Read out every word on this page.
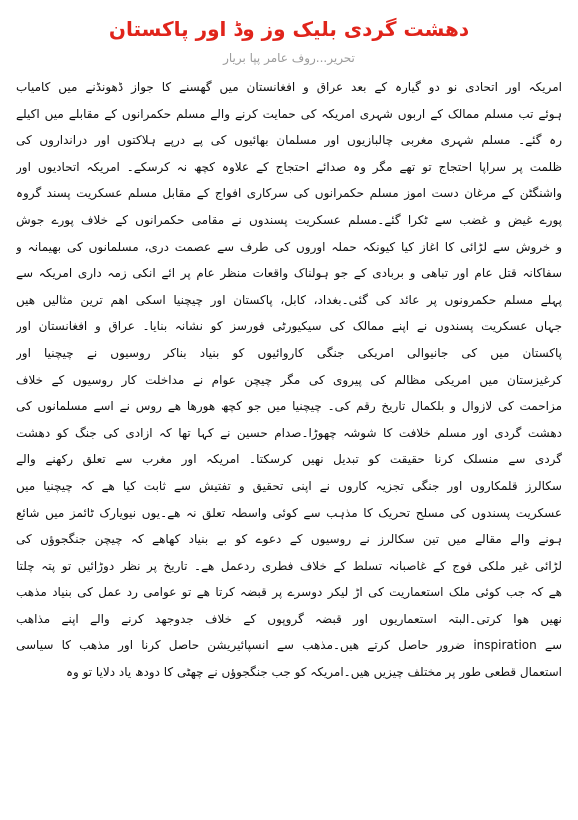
دھشت گردی بلیک وز وڈ اور پاکستان
تحریر...روف عامر پپا بریار
امریکہ اور اتحادی نو دو گیارہ کے بعد عراق و افغانستان میں گھسنے کا جواز ڈھونڈنے میں کامیاب
ہوئے تب مسلم ممالک کے اربوں شہری امریکہ کی حمایت کرنے والے مسلم حکمرانوں کے مقابلے میں اکیلے
رہ گئے۔ مسلم شہری مغربی چالبازیوں اور مسلمان بھائیوں کی پے درپے ہلاکتوں اور درانداروں کی
ظلمت پر سراپا احتجاج تو تھے مگر وہ صدائے احتجاج کے علاوہ کچھ نہ کرسکے۔ امریکہ اتحادیوں اور
واشنگٹن کے مرغان دست اموز مسلم حکمرانوں کی سرکاری افواج کے مقابل مسلم عسکریت پسند گروہ
پورے غیض و غضب سے ٹکرا گئے۔مسلم عسکریت پسندوں نے مقامی حکمرانوں کے خلاف پورے جوش
و خروش سے لڑائی کا اغاز کیا کیونکہ حملہ اوروں کی طرف سے عصمت دری، مسلمانوں کی بھیمانہ و
سفاکانہ قتل عام اور تباھی و بربادی کے جو ہولناک واقعات منظر عام پر ائے انکی زمہ داری امریکہ سے
پہلے مسلم حکمرونوں پر عائد کی گئی۔بغداد، کابل، پاکستان اور چیچنیا اسکی اھم ترین مثالیں ھیں
جہاں عسکریت پسندوں نے اپنے ممالک کی سیکیورٹی فورسز کو نشانہ بنایا۔ عراق و افغانستان اور
پاکستان میں کی جانیوالی امریکی جنگی کاروائیوں کو بنیاد بناکر روسیوں نے چیچنیا اور
کرغیزستان میں امریکی مظالم کی پیروی کی مگر چیچن عوام نے مداخلت کار روسیوں کے خلاف
مزاحمت کی لازوال و بلکمال تاریخ رقم کی۔ چیچنیا میں جو کچھ ھورھا ھے روس نے اسے مسلمانوں کی
دھشت گردی اور مسلم خلافت کا شوشہ چھوڑا۔صدام حسین نے کہا تھا کہ ازادی کی جنگ کو دھشت
گردی سے منسلک کرنا حقیقت کو تبدیل نھیں کرسکتا۔ امریکہ اور مغرب سے تعلق رکھنے والے
سکالرز قلمکاروں اور جنگی تجزیہ کاروں نے اپنی تحقیق و تفتیش سے ثابت کیا ھے کہ چیچنیا میں
عسکریت پسندوں کی مسلح تحریک کا مذہب سے کوئی واسطہ تعلق نہ ھے۔یوں نیویارک ٹائمز میں شائع
ہونے والے مقالے میں تین سکالرز نے روسیوں کے دعوے کو بے بنیاد کھاھے کہ چیچن جنگجوؤں کی
لڑائی غیر ملکی فوج کے غاصبانہ تسلط کے خلاف فطری ردعمل ھے۔ تاریخ پر نظر دوڑائیں تو پتہ چلتا
ھے کہ جب کوئی ملک استعماریت کی اڑ لیکر دوسرے پر قبضہ کرتا ھے تو عوامی رد عمل کی بنیاد مذھب
نھیں ھوا کرتی۔البتہ استعماریوں اور قبضہ گروپوں کے خلاف جدوجھد کرنے والے اپنے مذاھب
سے inspiration ضرور حاصل کرتے ھیں۔مذھب سے انسپائیریشن حاصل کرنا اور مذھب کا سیاسی
استعمال قطعی طور پر مختلف چیزیں ھیں۔امریکہ کو جب جنگجوؤں نے چھٹی کا دودھ یاد دلایا تو وہ
